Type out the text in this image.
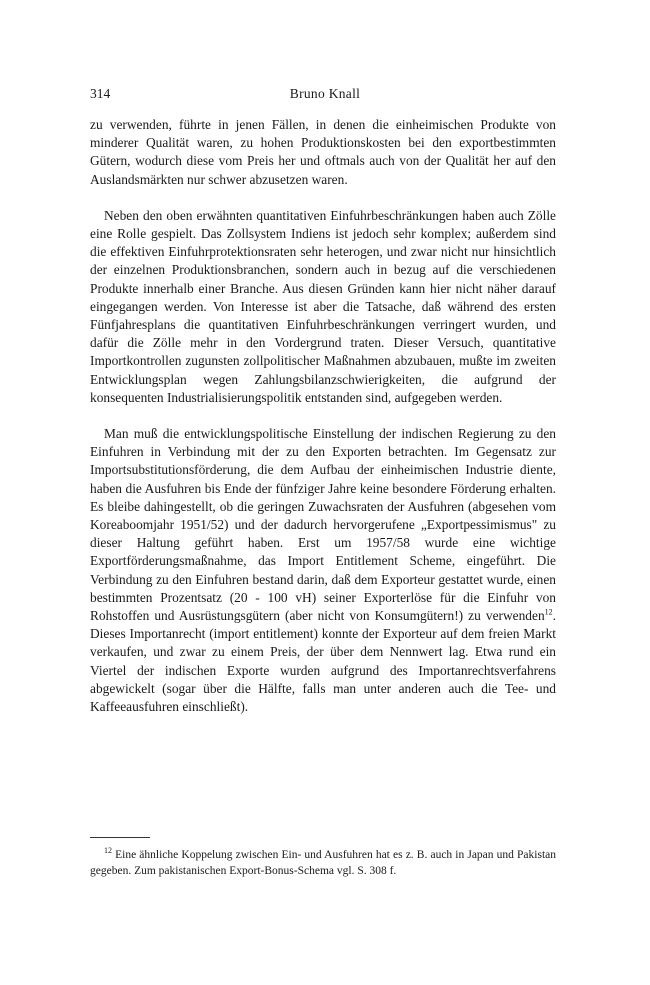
314	Bruno Knall

zu verwenden, führte in jenen Fällen, in denen die einheimischen Produkte von minderer Qualität waren, zu hohen Produktionskosten bei den exportbestimmten Gütern, wodurch diese vom Preis her und oftmals auch von der Qualität her auf den Auslandsmärkten nur schwer abzusetzen waren.

Neben den oben erwähnten quantitativen Einfuhrbeschränkungen haben auch Zölle eine Rolle gespielt. Das Zollsystem Indiens ist jedoch sehr komplex; außerdem sind die effektiven Einfuhrprotektionsraten sehr heterogen, und zwar nicht nur hinsichtlich der einzelnen Produktionsbranchen, sondern auch in bezug auf die verschiedenen Produkte innerhalb einer Branche. Aus diesen Gründen kann hier nicht näher darauf eingegangen werden. Von Interesse ist aber die Tatsache, daß während des ersten Fünfjahresplans die quantitativen Einfuhrbeschränkungen verringert wurden, und dafür die Zölle mehr in den Vordergrund traten. Dieser Versuch, quantitative Importkontrollen zugunsten zollpolitischer Maßnahmen abzubauen, mußte im zweiten Entwicklungsplan wegen Zahlungsbilanzschwierigkeiten, die aufgrund der konsequenten Industrialisierungspolitik entstanden sind, aufgegeben werden.

Man muß die entwicklungspolitische Einstellung der indischen Regierung zu den Einfuhren in Verbindung mit der zu den Exporten betrachten. Im Gegensatz zur Importsubstitutionsförderung, die dem Aufbau der einheimischen Industrie diente, haben die Ausfuhren bis Ende der fünfziger Jahre keine besondere Förderung erhalten. Es bleibe dahingestellt, ob die geringen Zuwachsraten der Ausfuhren (abgesehen vom Koreaboomjahr 1951/52) und der dadurch hervorgerufene „Exportpessimismus" zu dieser Haltung geführt haben. Erst um 1957/58 wurde eine wichtige Exportförderungsmaßnahme, das Import Entitlement Scheme, eingeführt. Die Verbindung zu den Einfuhren bestand darin, daß dem Exporteur gestattet wurde, einen bestimmten Prozentsatz (20 - 100 vH) seiner Exporterlöse für die Einfuhr von Rohstoffen und Ausrüstungsgütern (aber nicht von Konsumgütern!) zu verwenden$^{12}$. Dieses Importanrecht (import entitlement) konnte der Exporteur auf dem freien Markt verkaufen, und zwar zu einem Preis, der über dem Nennwert lag. Etwa rund ein Viertel der indischen Exporte wurden aufgrund des Importanrechtsverfahrens abgewickelt (sogar über die Hälfte, falls man unter anderen auch die Tee- und Kaffeeausfuhren einschließt).

$^{12}$ Eine ähnliche Koppelung zwischen Ein- und Ausfuhren hat es z. B. auch in Japan und Pakistan gegeben. Zum pakistanischen Export-Bonus-Schema vgl. S. 308 f.
